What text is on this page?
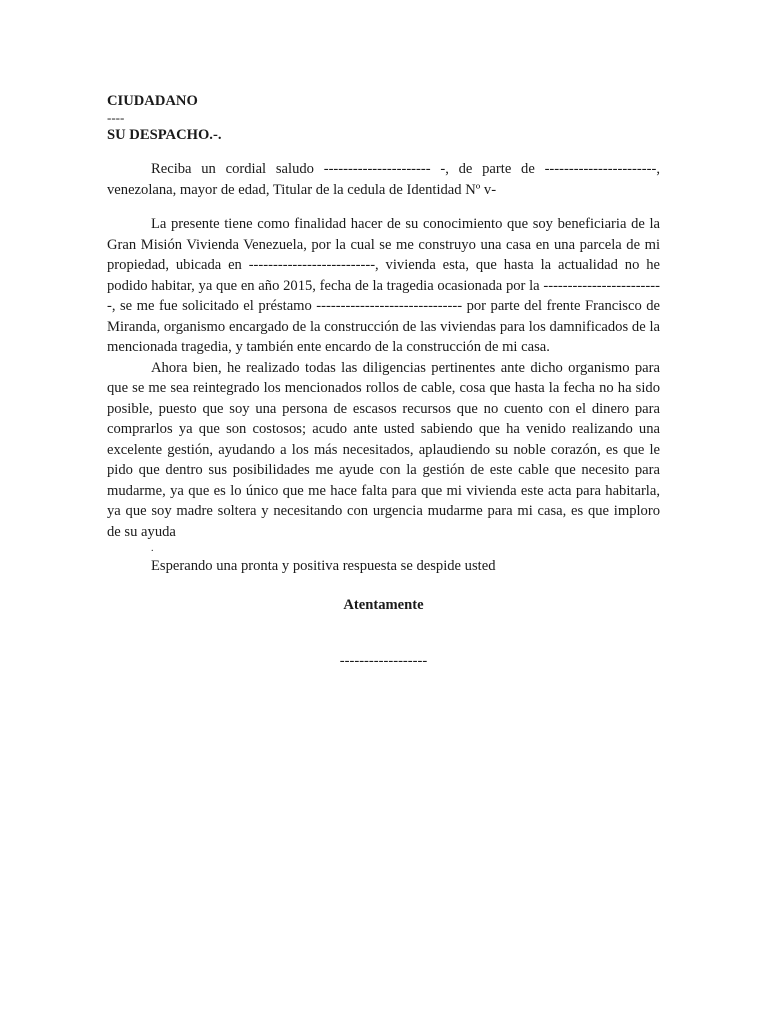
CIUDADANO

----

SU DESPACHO.-.

Reciba un cordial saludo ---------------------- -, de parte de -----------------------, venezolana, mayor de edad, Titular de la cedula de Identidad Nº v-

La presente tiene como finalidad hacer de su conocimiento que soy beneficiaria de la Gran Misión Vivienda Venezuela, por la cual se me construyo una casa en una parcela de mi propiedad, ubicada en --------------------------, vivienda esta, que hasta la actualidad no he podido habitar, ya que en año 2015, fecha de la tragedia ocasionada por la -------------------------, se me fue solicitado el préstamo ------------------------------ por parte del frente Francisco de Miranda, organismo encargado de la construcción de las viviendas para los damnificados de la mencionada tragedia, y también ente encardo de la construcción de mi casa.

Ahora bien, he realizado todas las diligencias pertinentes ante dicho organismo para que se me sea reintegrado los mencionados rollos de cable, cosa que hasta la fecha no ha sido posible, puesto que soy una persona de escasos recursos que no cuento con el dinero para comprarlos ya que son costosos; acudo ante usted sabiendo que ha venido realizando una excelente gestión, ayudando a los más necesitados, aplaudiendo su noble corazón, es que le pido que dentro sus posibilidades me ayude con la gestión de este cable que necesito para mudarme, ya que es lo único que me hace falta para que mi vivienda este acta para habitarla, ya que soy madre soltera y necesitando con urgencia mudarme para mi casa, es que imploro de su ayuda

.

Esperando una pronta y positiva respuesta se despide usted

Atentamente

------------------
